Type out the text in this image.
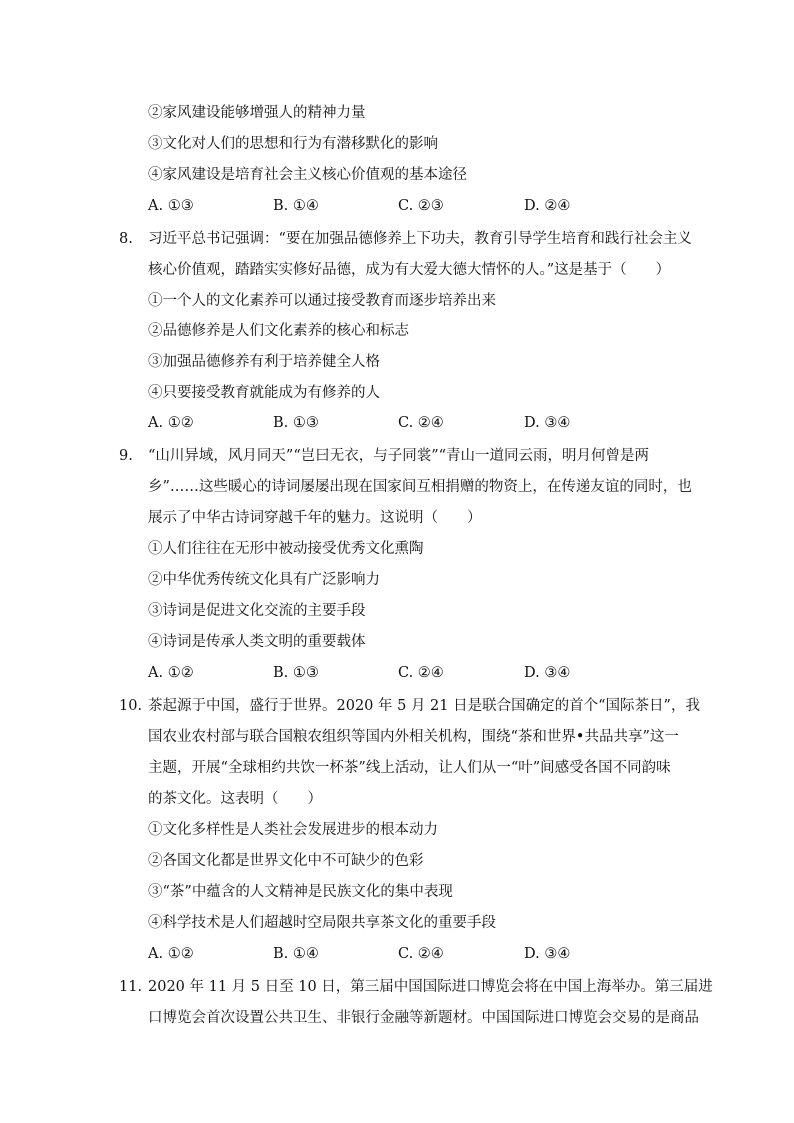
②家风建设能够增强人的精神力量
③文化对人们的思想和行为有潜移默化的影响
④家风建设是培育社会主义核心价值观的基本途径
A. ①③	B. ①④	C. ②③	D. ②④
8. 习近平总书记强调：“要在加强品德修养上下功夫，教育引导学生培育和践行社会主义
核心价值观，踏踏实实修好品德，成为有大爱大德大情怀的人。”这是基于（　　）
①一个人的文化素养可以通过接受教育而逐步培养出来
②品德修养是人们文化素养的核心和标志
③加强品德修养有利于培养健全人格
④只要接受教育就能成为有修养的人
A. ①②	B. ①③	C. ②④	D. ③④
9. “山川异域，风月同天”“岂曰无衣，与子同裳”“青山一道同云雨，明月何曾是两
乡”……这些暖心的诗词屡屡出现在国家间互相捐赠的物资上，在传递友谊的同时，也
展示了中华古诗词穿越千年的魅力。这说明（　　）
①人们往往在无形中被动接受优秀文化熏陶
②中华优秀传统文化具有广泛影响力
③诗词是促进文化交流的主要手段
④诗词是传承人类文明的重要载体
A. ①②	B. ①③	C. ②④	D. ③④
10. 茶起源于中国，盛行于世界。2020 年 5 月 21 日是联合国确定的首个“国际茶日”，我
国农业农村部与联合国粮农组织等国内外相关机构，围绕“茶和世界•共品共享”这一
主题，开展“全球相约共饮一杯茶”线上活动，让人们从一“叶”间感受各国不同韵味
的茶文化。这表明（　　）
①文化多样性是人类社会发展进步的根本动力
②各国文化都是世界文化中不可缺少的色彩
③“茶”中蕴含的人文精神是民族文化的集中表现
④科学技术是人们超越时空局限共享茶文化的重要手段
A. ①②	B. ①④	C. ②④	D. ③④
11. 2020 年 11 月 5 日至 10 日，第三届中国国际进口博览会将在中国上海举办。第三届进
口博览会首次设置公共卫生、非银行金融等新题材。中国国际进口博览会交易的是商品
